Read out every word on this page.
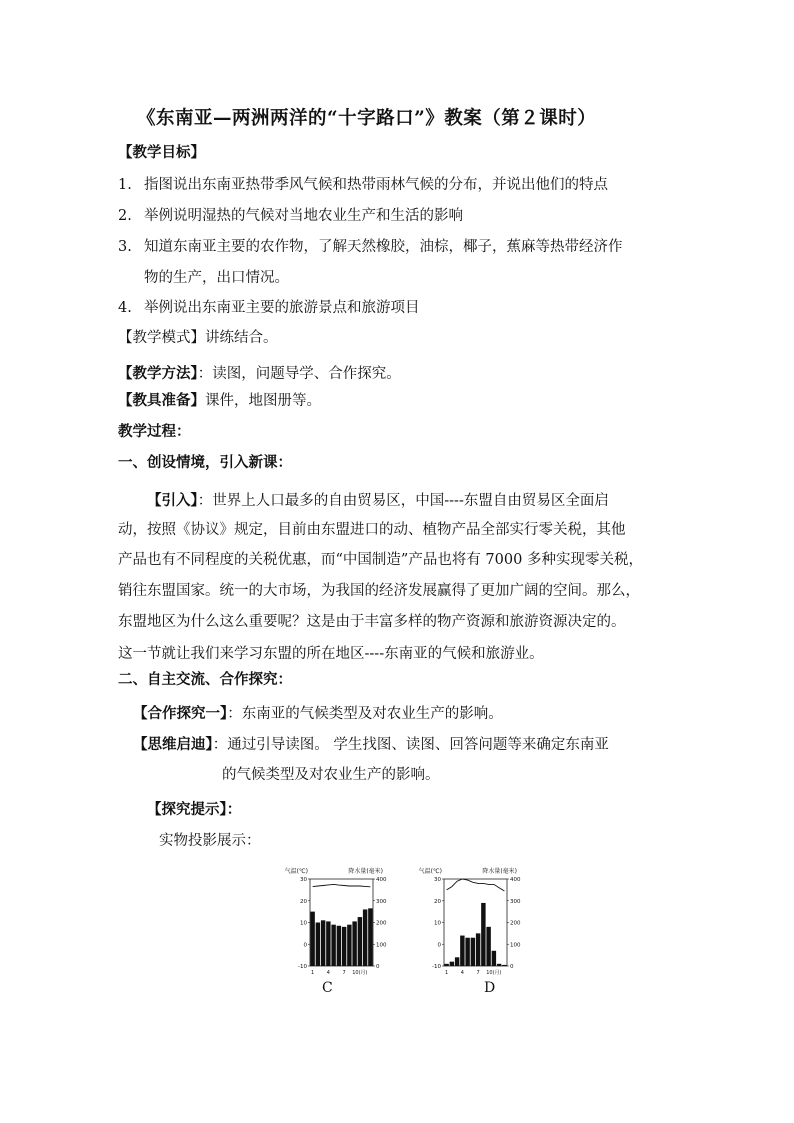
《东南亚—两洲两洋的“十字路口”》教案（第２课时）
【教学目标】
1. 指图说出东南亚热带季风气候和热带雨林气候的分布，并说出他们的特点
2. 举例说明湿热的气候对当地农业生产和生活的影响
3. 知道东南亚主要的农作物，了解天然橡胶，油棕，椰子，蕉麻等热带经济作
物的生产，出口情况。
4. 举例说出东南亚主要的旅游景点和旅游项目
【教学模式】讲练结合。
【教学方法】：读图，问题导学、合作探究。
【教具准备】课件，地图册等。
教学过程：
一、创设情境，引入新课：
【引入】：世界上人口最多的自由贸易区，中国----东盟自由贸易区全面启
动，按照《协议》规定，目前由东盟进口的动、植物产品全部实行零关税，其他
产品也有不同程度的关税优惠，而“中国制造”产品也将有 7000 多种实现零关税，
销往东盟国家。统一的大市场，为我国的经济发展赢得了更加广阔的空间。那么，
东盟地区为什么这么重要呢？这是由于丰富多样的物产资源和旅游资源决定的。
这一节就让我们来学习东盟的所在地区----东南亚的气候和旅游业。
二、自主交流、合作探究：
【合作探究一】：东南亚的气候类型及对农业生产的影响。
【思维启迪】：通过引导读图。 学生找图、读图、回答问题等来确定东南亚
的气候类型及对农业生产的影响。
【探究提示】：
实物投影展示：
气温(℃)	降水量(毫米)
-10
0
10
20
30
0
100
200
300
400
1	4	7 10(月)
气温(℃)	降水量(毫米)
-10
0
10
20
30
0
100
200
300
400
1	4	7 10(月)
C	D
